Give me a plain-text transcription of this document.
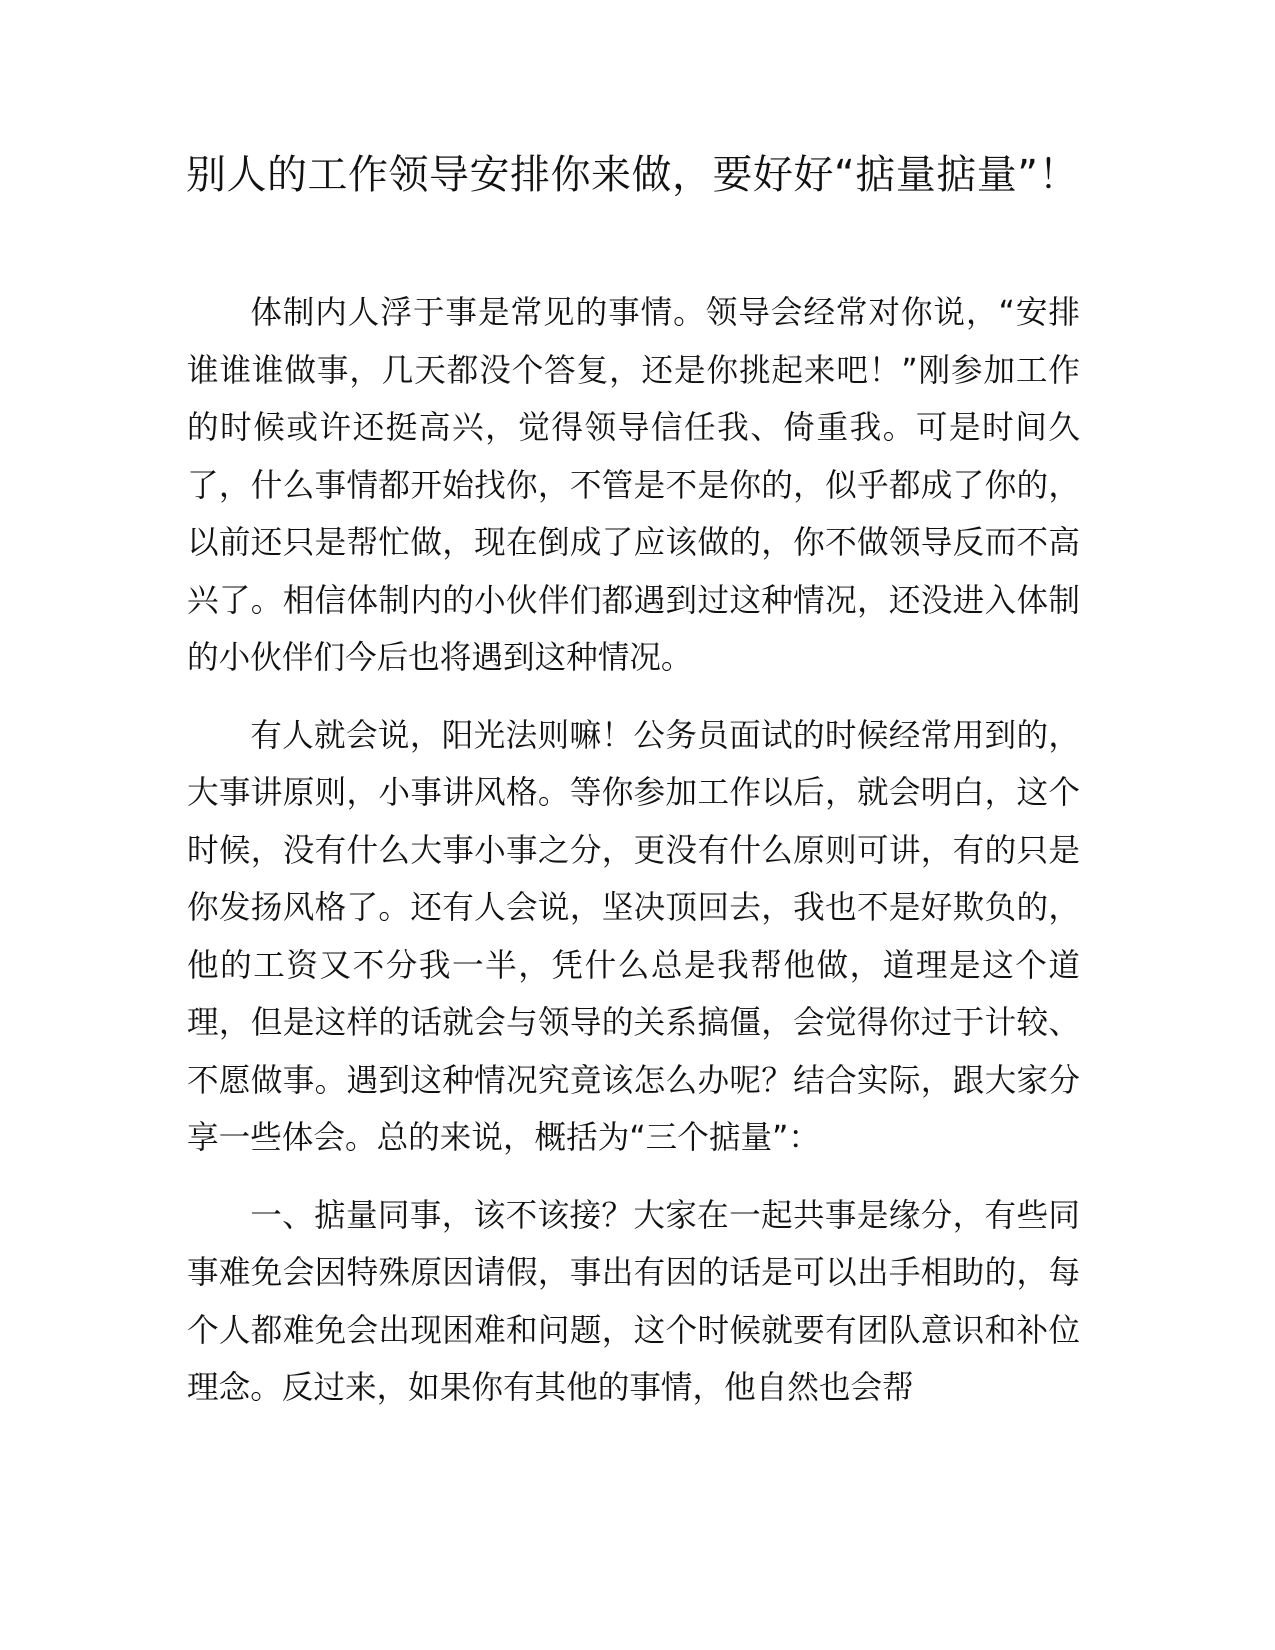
别人的工作领导安排你来做，要好好“掂量掂量”！

体制内人浮于事是常见的事情。领导会经常对你说，“安排谁谁谁做事，几天都没个答复，还是你挑起来吧！”刚参加工作的时候或许还挺高兴，觉得领导信任我、倚重我。可是时间久了，什么事情都开始找你，不管是不是你的，似乎都成了你的，以前还只是帮忙做，现在倒成了应该做的，你不做领导反而不高兴了。相信体制内的小伙伴们都遇到过这种情况，还没进入体制的小伙伴们今后也将遇到这种情况。

有人就会说，阳光法则嘛！公务员面试的时候经常用到的，大事讲原则，小事讲风格。等你参加工作以后，就会明白，这个时候，没有什么大事小事之分，更没有什么原则可讲，有的只是你发扬风格了。还有人会说，坚决顶回去，我也不是好欺负的，他的工资又不分我一半，凭什么总是我帮他做，道理是这个道理，但是这样的话就会与领导的关系搞僵，会觉得你过于计较、不愿做事。遇到这种情况究竟该怎么办呢？结合实际，跟大家分享一些体会。总的来说，概括为“三个掂量”：

一、掂量同事，该不该接？大家在一起共事是缘分，有些同事难免会因特殊原因请假，事出有因的话是可以出手相助的，每个人都难免会出现困难和问题，这个时候就要有团队意识和补位理念。反过来，如果你有其他的事情，他自然也会帮
